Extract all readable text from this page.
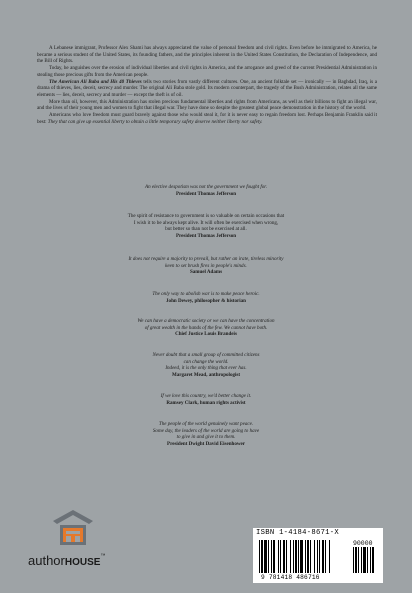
A Lebanese immigrant, Professor Alex Shami has always appreciated the value of personal freedom and civil rights. Even before he immigrated to America, he became a serious student of the United States, its founding fathers, and the principles inherent in the United States Constitution, the Declaration of Independence, and the Bill of Rights.

Today, he anguishes over the erosion of individual liberties and civil rights in America, and the arrogance and greed of the current Presidential Administration in stealing those precious gifts from the American people.

The American Ali Baba and His 40 Thieves tells two stories from vastly different cultures. One, an ancient folktale set — ironically — in Baghdad, Iraq, is a drama of thieves, lies, deceit, secrecy and murder. The original Ali Baba stole gold. Its modern counterpart, the tragedy of the Bush Administration, relates all the same elements — lies, deceit, secrecy and murder — except the theft is of oil.

More than oil, however, this Administration has stolen precious fundamental liberties and rights from Americans, as well as their billions to fight an illegal war, and the lives of their young men and women to fight that illegal war. They have done so despite the greatest global peace demonstration in the history of the world.

Americans who love freedom must guard bravely against those who would steal it, for it is never easy to regain freedom lost. Perhaps Benjamin Franklin said it best: They that can give up essential liberty to obtain a little temporary safety deserve neither liberty nor safety.

An elective despotism was not the government we fought for.
President Thomas Jefferson
The spirit of resistance to government is so valuable on certain occasions that
I wish it to be always kept alive. It will often be exercised when wrong,
but better so than not be exercised at all.
President Thomas Jefferson
It does not require a majority to prevail, but rather an irate, tireless minority
keen to set brush fires in people's minds.
Samuel Adams
The only way to abolish war is to make peace heroic.
John Dewey, philosopher & historian
We can have a democratic society or we can have the concentration
of great wealth in the hands of the few. We cannot have both.
Chief Justice Louis Brandeis
Never doubt that a small group of committed citizens
can change the world.
Indeed, it is the only thing that ever has.
Margaret Mead, anthropologist
If we love this country, we'd better change it.
Ramsey Clark, human rights activist
The people of the world genuinely want peace.
Some day, the leaders of the world are going to have
to give in and give it to them.
President Dwight David Eisenhower
authorHOUSE™
ISBN 1-4184-8671-X
90000
9 781418 486716
